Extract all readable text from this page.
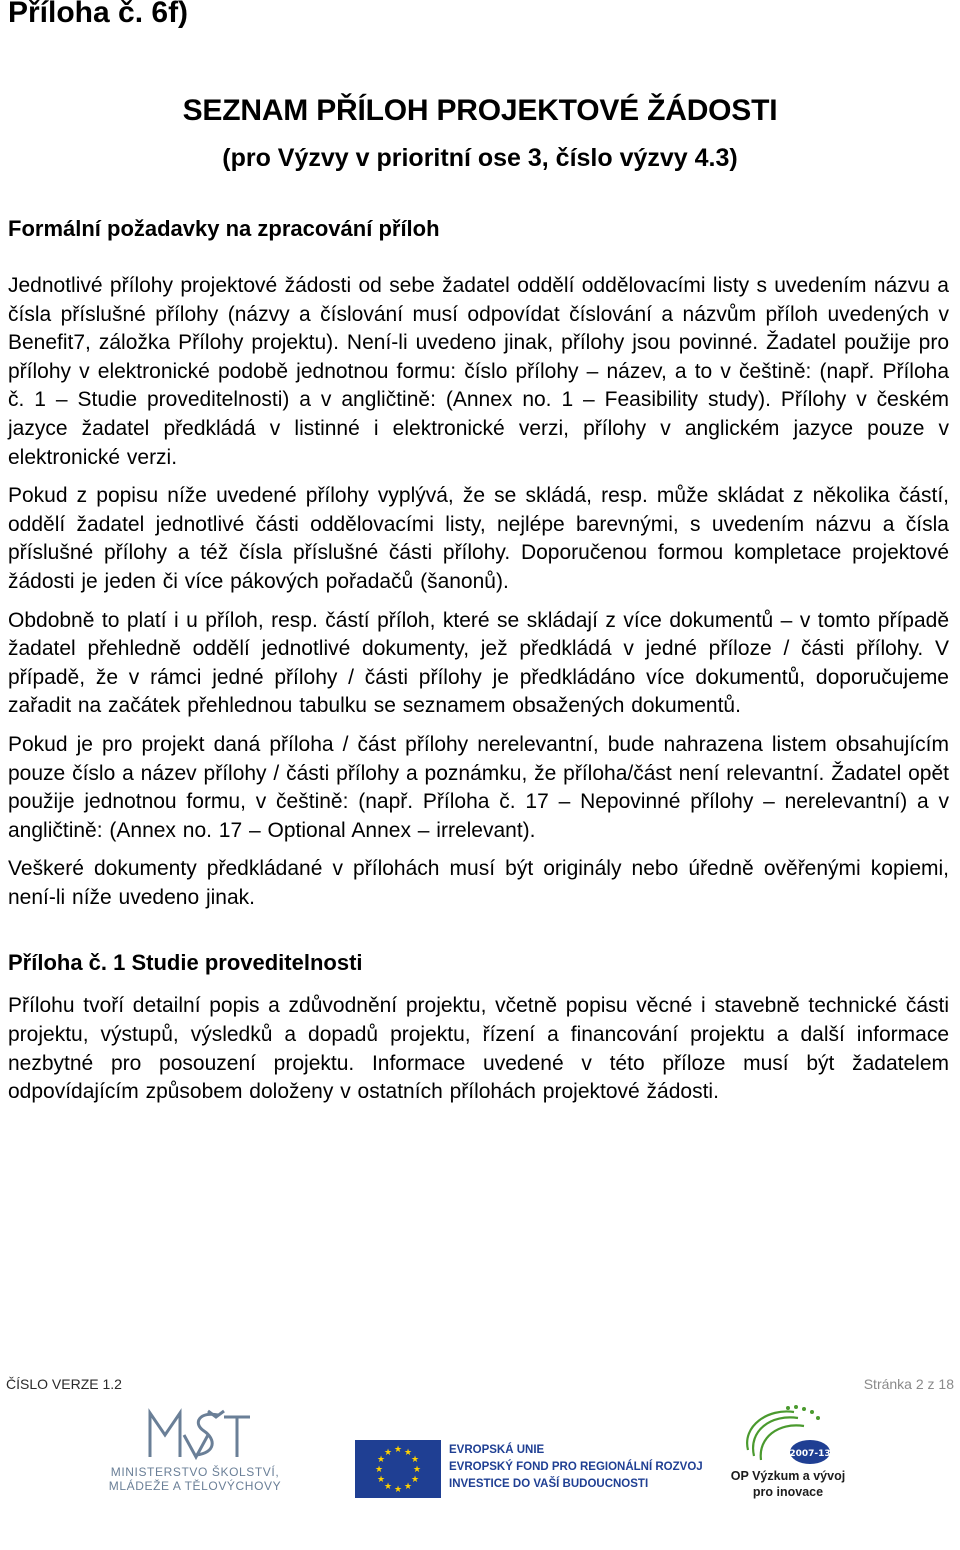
Příloha č. 6f)
SEZNAM PŘÍLOH PROJEKTOVÉ ŽÁDOSTI
(pro Výzvy v prioritní ose 3, číslo výzvy 4.3)
Formální požadavky na zpracování příloh

Jednotlivé přílohy projektové žádosti od sebe žadatel oddělí oddělovacími listy s uvedením názvu a čísla příslušné přílohy (názvy a číslování musí odpovídat číslování a názvům příloh uvedených v Benefit7, záložka Přílohy projektu). Není-li uvedeno jinak, přílohy jsou povinné. Žadatel použije pro přílohy v elektronické podobě jednotnou formu: číslo přílohy – název, a to v češtině: (např. Příloha č. 1 – Studie proveditelnosti) a v angličtině: (Annex no. 1 – Feasibility study). Přílohy v českém jazyce žadatel předkládá v listinné i elektronické verzi, přílohy v anglickém jazyce pouze v elektronické verzi.

Pokud z popisu níže uvedené přílohy vyplývá, že se skládá, resp. může skládat z několika částí, oddělí žadatel jednotlivé části oddělovacími listy, nejlépe barevnými, s uvedením názvu a čísla příslušné přílohy a též čísla příslušné části přílohy. Doporučenou formou kompletace projektové žádosti je jeden či více pákových pořadačů (šanonů).

Obdobně to platí i u příloh, resp. částí příloh, které se skládají z více dokumentů – v tomto případě žadatel přehledně oddělí jednotlivé dokumenty, jež předkládá v jedné příloze / části přílohy. V případě, že v rámci jedné přílohy / části přílohy je předkládáno více dokumentů, doporučujeme zařadit na začátek přehlednou tabulku se seznamem obsažených dokumentů.

Pokud je pro projekt daná příloha / část přílohy nerelevantní, bude nahrazena listem obsahujícím pouze číslo a název přílohy / části přílohy a poznámku, že příloha/část není relevantní. Žadatel opět použije jednotnou formu, v češtině: (např. Příloha č. 17 – Nepovinné přílohy – nerelevantní) a v angličtině: (Annex no. 17 – Optional Annex – irrelevant).

Veškeré dokumenty předkládané v přílohách musí být originály nebo úředně ověřenými kopiemi, není-li níže uvedeno jinak.

Příloha č. 1 Studie proveditelnosti

Přílohu tvoří detailní popis a zdůvodnění projektu, včetně popisu věcné i stavebně technické části projektu, výstupů, výsledků a dopadů projektu, řízení a financování projektu a další informace nezbytné pro posouzení projektu. Informace uvedené v této příloze musí být žadatelem odpovídajícím způsobem doloženy v ostatních přílohách projektové žádosti.

ČÍSLO VERZE 1.2	Stránka 2 z 18
MINISTERSTVO ŠKOLSTVÍ, MLÁDEŽE A TĚLOVÝCHOVY
★ ★
★
★
★
★
★
★
★
★
★
★	EVROPSKÁ UNIE
EVROPSKÝ FOND PRO REGIONÁLNÍ ROZVOJ
INVESTICE DO VAŠÍ BUDOUCNOSTI
2007-13
OP Výzkum a vývoj
pro inovace
